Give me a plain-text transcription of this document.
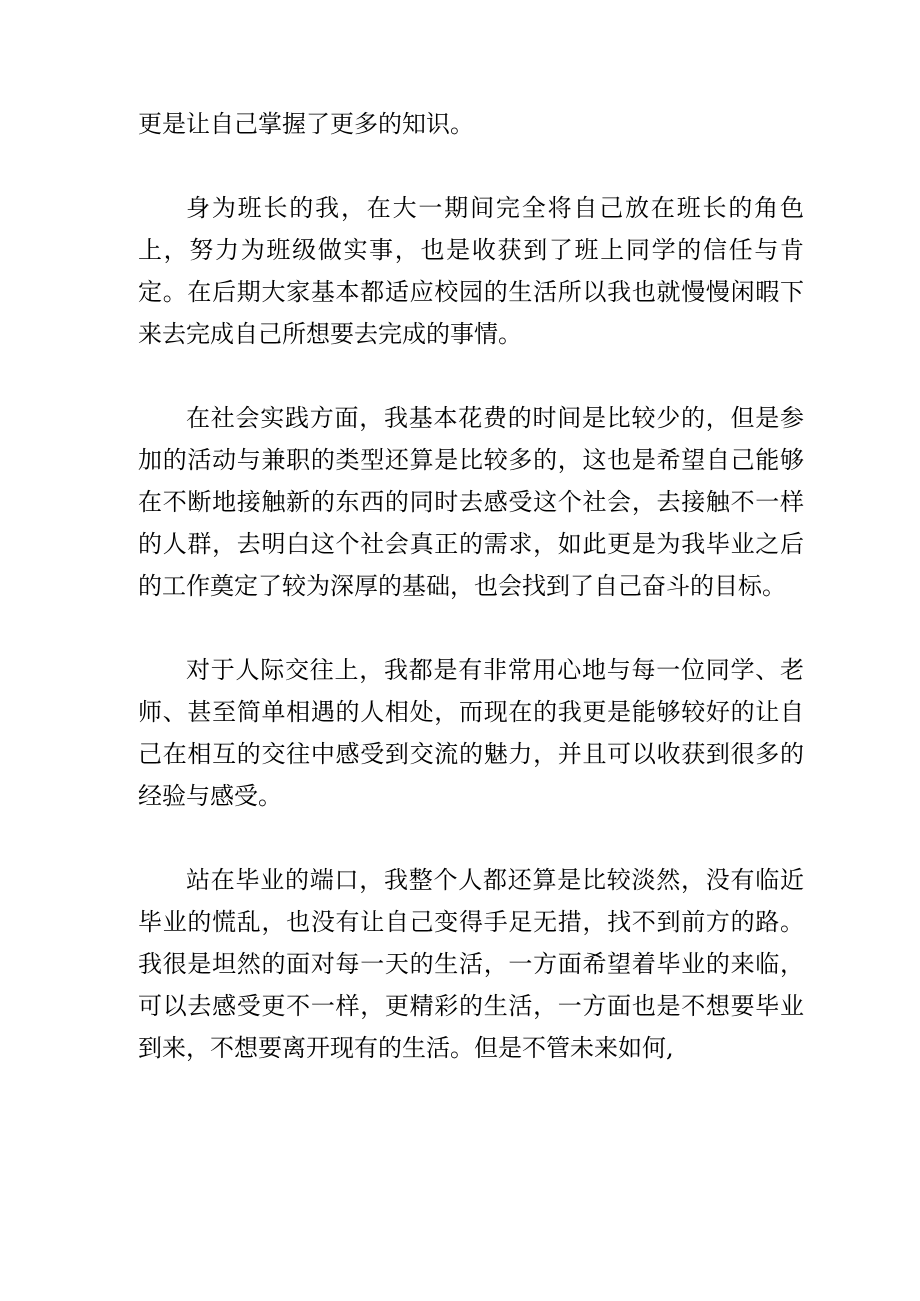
更是让自己掌握了更多的知识。

身为班长的我，在大一期间完全将自己放在班长的角色上，努力为班级做实事，也是收获到了班上同学的信任与肯定。在后期大家基本都适应校园的生活所以我也就慢慢闲暇下来去完成自己所想要去完成的事情。

在社会实践方面，我基本花费的时间是比较少的，但是参加的活动与兼职的类型还算是比较多的，这也是希望自己能够在不断地接触新的东西的同时去感受这个社会，去接触不一样的人群，去明白这个社会真正的需求，如此更是为我毕业之后的工作奠定了较为深厚的基础，也会找到了自己奋斗的目标。

对于人际交往上，我都是有非常用心地与每一位同学、老师、甚至简单相遇的人相处，而现在的我更是能够较好的让自己在相互的交往中感受到交流的魅力，并且可以收获到很多的经验与感受。

站在毕业的端口，我整个人都还算是比较淡然，没有临近毕业的慌乱，也没有让自己变得手足无措，找不到前方的路。我很是坦然的面对每一天的生活，一方面希望着毕业的来临，可以去感受更不一样，更精彩的生活，一方面也是不想要毕业到来，不想要离开现有的生活。但是不管未来如何,
